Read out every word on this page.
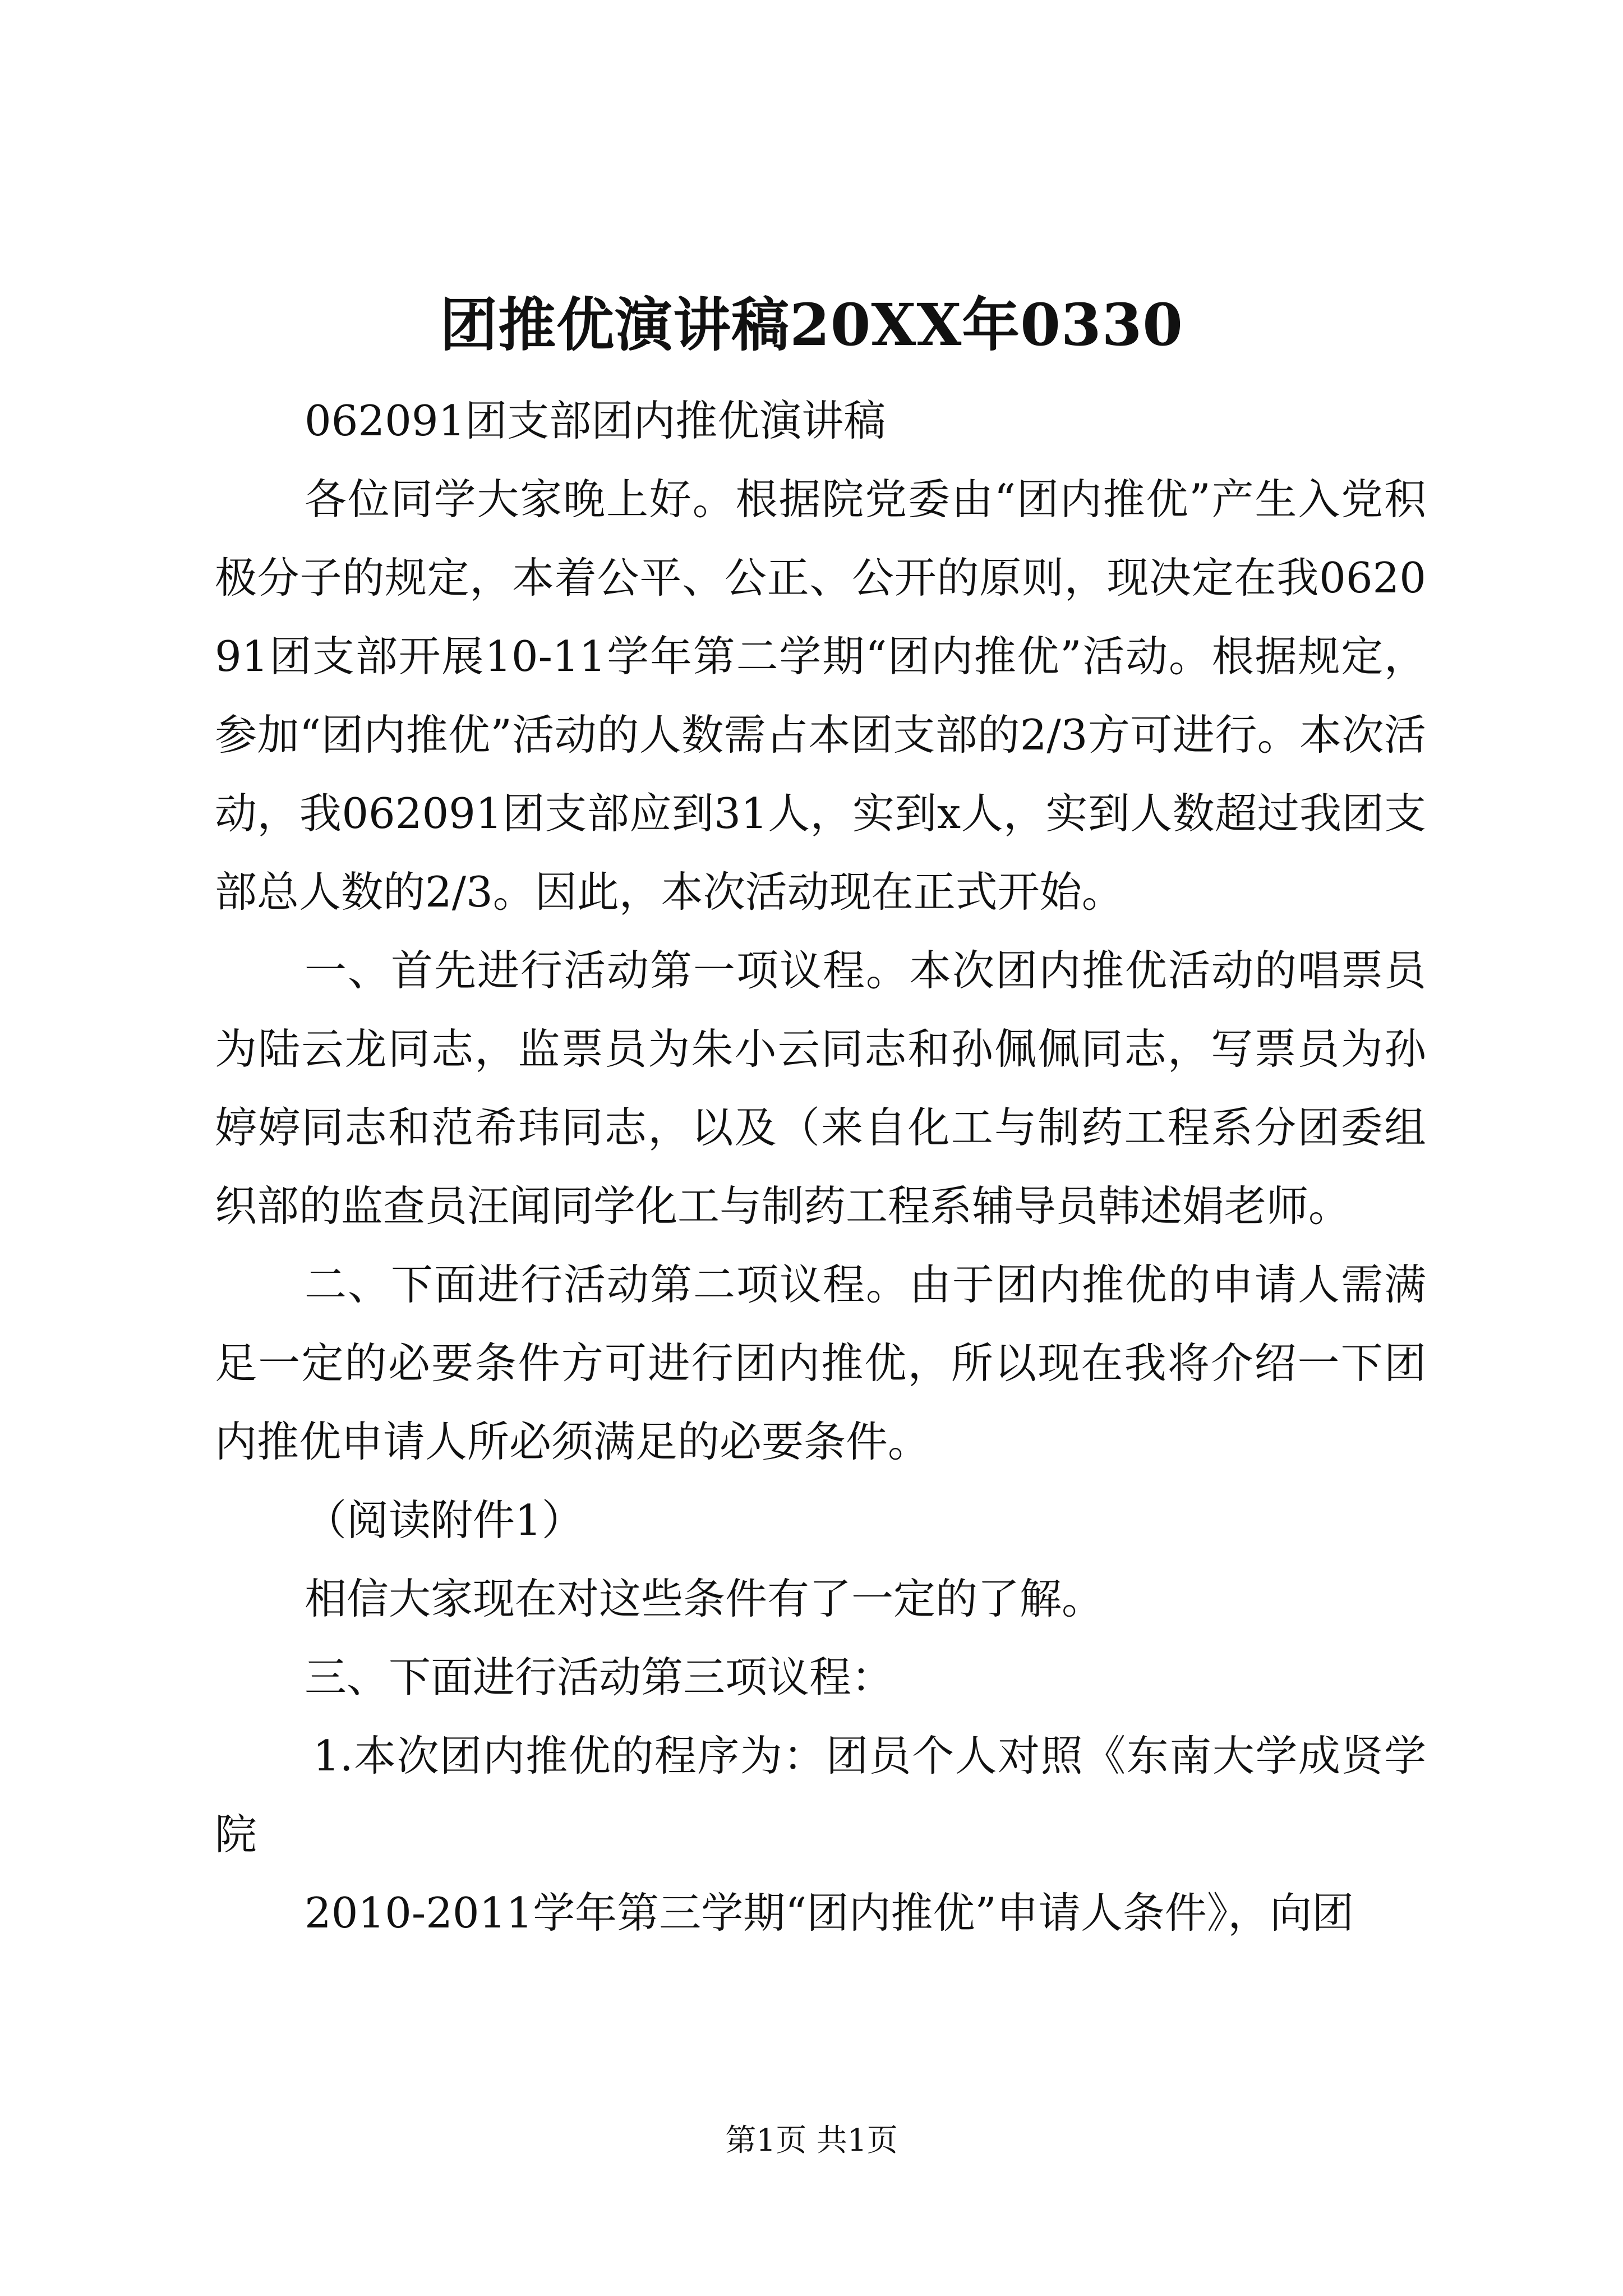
团推优演讲稿20XX年0330

062091团支部团内推优演讲稿

各位同学大家晚上好。根据院党委由“团内推优”产生入党积极分子的规定，本着公平、公正、公开的原则，现决定在我062091团支部开展10-11学年第二学期“团内推优”活动。根据规定，参加“团内推优”活动的人数需占本团支部的2/3方可进行。本次活动，我062091团支部应到31人，实到x人，实到人数超过我团支部总人数的2/3。因此，本次活动现在正式开始。

一、首先进行活动第一项议程。本次团内推优活动的唱票员为陆云龙同志，监票员为朱小云同志和孙佩佩同志，写票员为孙婷婷同志和范希玮同志，以及（来自化工与制药工程系分团委组织部的监查员汪闻同学化工与制药工程系辅导员韩述娟老师。

二、下面进行活动第二项议程。由于团内推优的申请人需满足一定的必要条件方可进行团内推优，所以现在我将介绍一下团内推优申请人所必须满足的必要条件。

（阅读附件1）

相信大家现在对这些条件有了一定的了解。

三、下面进行活动第三项议程：

1.本次团内推优的程序为：团员个人对照《东南大学成贤学院

2010-2011学年第三学期“团内推优”申请人条件》，向团

第1页 共1页
